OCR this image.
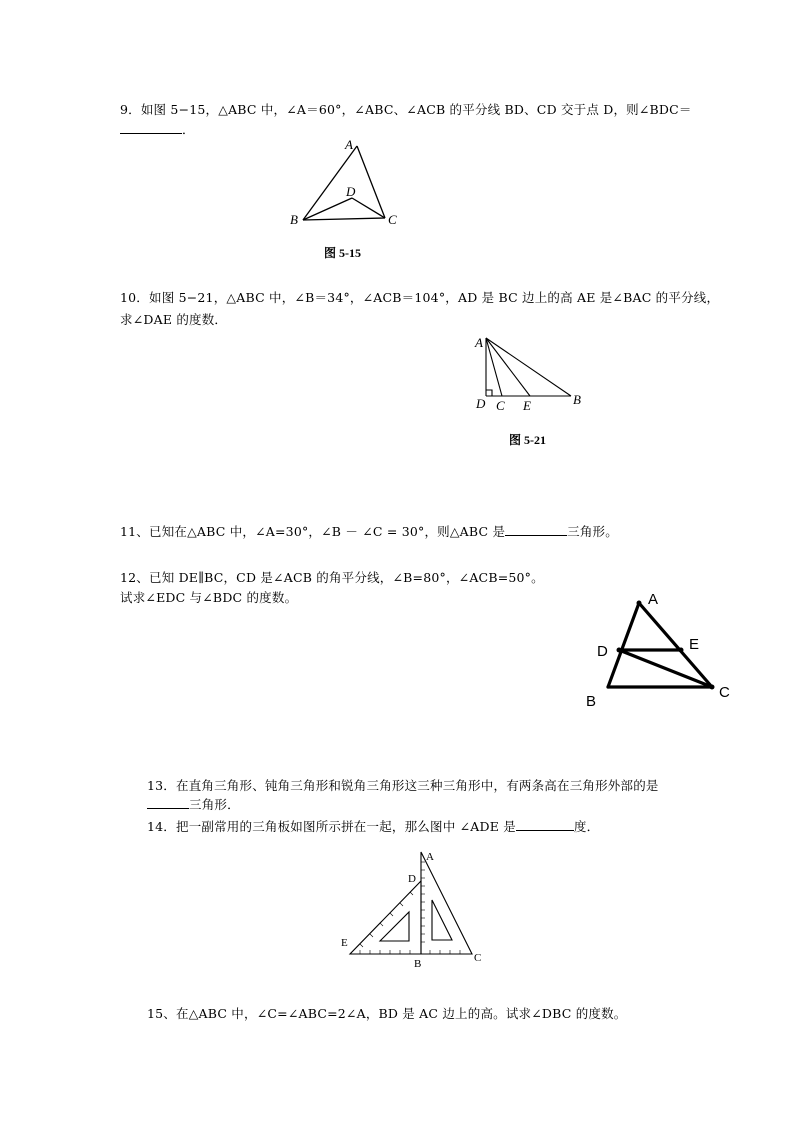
9．如图 5−15，△ABC 中，∠A＝60°，∠ABC、∠ACB 的平分线 BD、CD 交于点 D，则∠BDC＝
．
A
B	C
D
图 5-15
10．如图 5−21，△ABC 中，∠B＝34°，∠ACB＝104°，AD 是 BC 边上的高 AE 是∠BAC 的平分线，
求∠DAE 的度数．
A
D C E	B
图 5-21
11、已知在△ABC 中，∠A=30°，∠B － ∠C = 30°，则△ABC 是	三角形。
12、已知 DE∥BC，CD 是∠ACB 的角平分线，∠B=80°，∠ACB=50°。
试求∠EDC 与∠BDC 的度数。	A
D	E
B
C
13．在直角三角形、钝角三角形和锐角三角形这三种三角形中，有两条高在三角形外部的是
三角形．
14．把一副常用的三角板如图所示拼在一起，那么图中 ∠ADE 是	度．
A
D
E
B	C
15、在△ABC 中，∠C=∠ABC=2∠A，BD 是 AC 边上的高。试求∠DBC 的度数。
